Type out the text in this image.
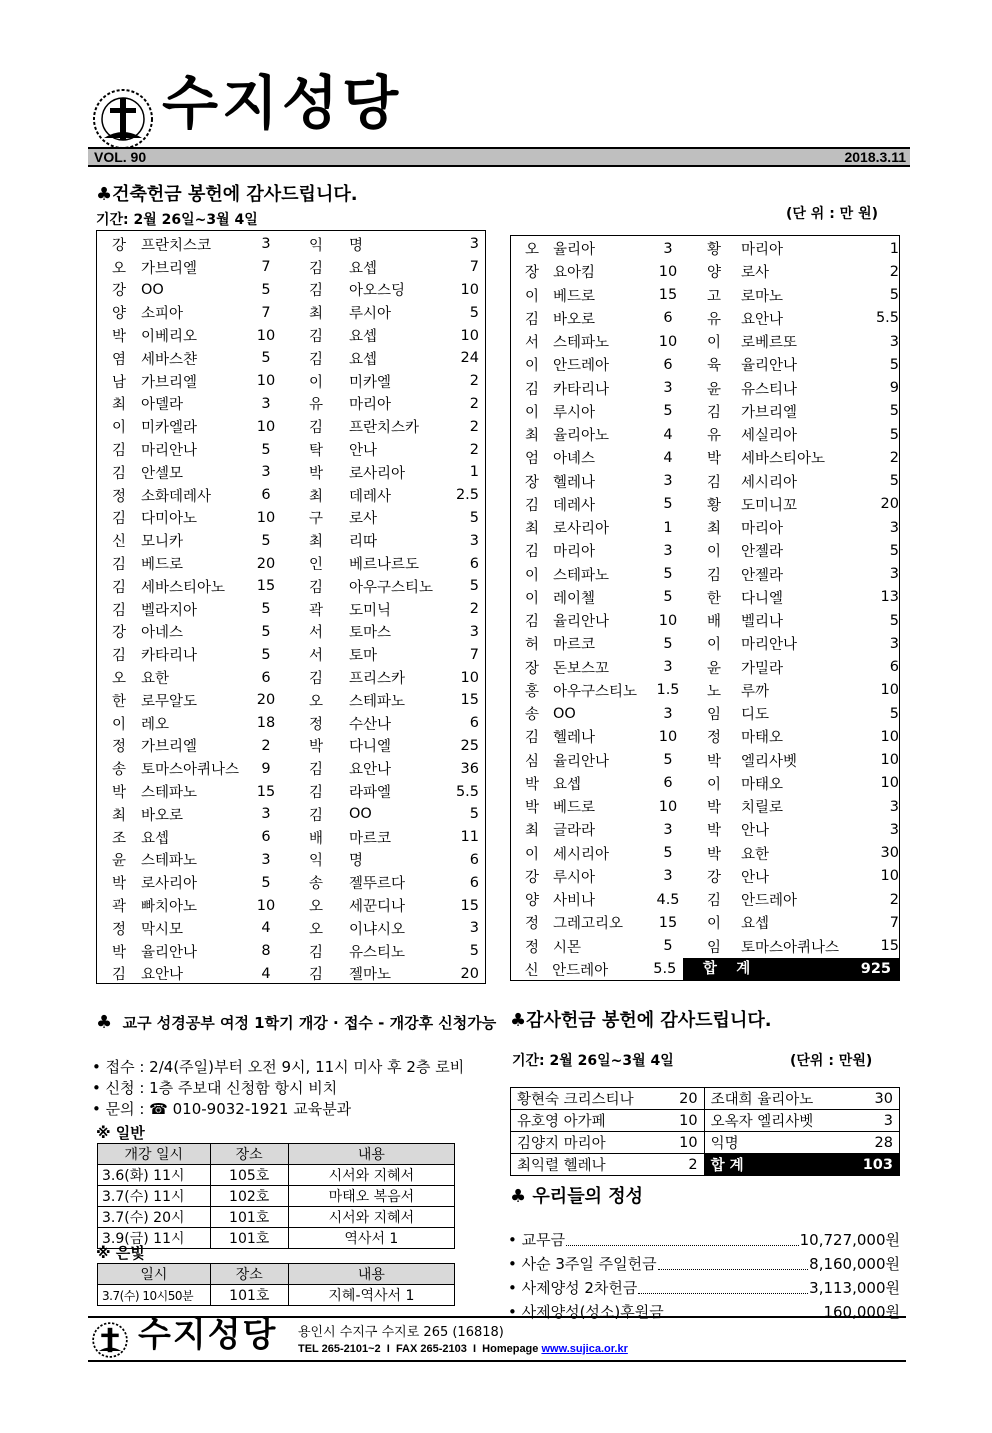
수지성당
VOL. 90	2018.3.11
♣건축헌금 봉헌에 감사드립니다.
기간: 2월 26일~3월 4일	(단 위 : 만 원)
강	프란치스코	3	익	명	3
오	가브리엘	7	김	요셉	7
강	OO	5	김	아오스딩	10
양	소피아	7	최	루시아	5
박	이베리오	10	김	요셉	10
염	세바스챤	5	김	요셉	24
남	가브리엘	10	이	미카엘	2
최	아델라	3	유	마리아	2
이	미카엘라	10	김	프란치스카	2
김	마리안나	5	탁	안나	2
김	안셀모	3	박	로사리아	1
정	소화데레사	6	최	데레사	2.5
김	다미아노	10	구	로사	5
신	모니카	5	최	리따	3
김	베드로	20	인	베르나르도	6
김	세바스티아노	15	김	아우구스티노	5
김	벨라지아	5	곽	도미닉	2
강	아네스	5	서	토마스	3
김	카타리나	5	서	토마	7
오	요한	6	김	프리스카	10
한	로무알도	20	오	스테파노	15
이	레오	18	정	수산나	6
정	가브리엘	2	박	다니엘	25
송	토마스아퀴나스	9	김	요안나	36
박	스테파노	15	김	라파엘	5.5
최	바오로	3	김	OO	5
조	요셉	6	배	마르코	11
윤	스테파노	3	익	명	6
박	로사리아	5	송	젤뚜르다	6
곽	빠치아노	10	오	세꾼디나	15
정	막시모	4	오	이냐시오	3
박	율리안나	8	김	유스티노	5
김	요안나	4	김	젤마노	20
오 율리아	3	황	마리아	1
장 요아킴	10	양	로사	2
이 베드로	15	고	로마노	5
김 바오로	6	유	요안나	5.5
서 스테파노	10	이	로베르또	3
이 안드레아	6	육	율리안나	5
김 카타리나	3	윤	유스티나	9
이 루시아	5	김	가브리엘	5
최 율리아노	4	유	세실리아	5
엄 아녜스	4	박	세바스티아노	2
장 헬레나	3	김	세시리아	5
김 데레사	5	황	도미니꼬	20
최 로사리아	1	최	마리아	3
김 마리아	3	이	안젤라	5
이 스테파노	5	김	안젤라	3
이 레이첼	5	한	다니엘	13
김 율리안나	10	배	벨리나	5
허 마르코	5	이	마리안나	3
장 돈보스꼬	3	윤	가밀라	6
홍 아우구스티노	1.5	노	루까	10
송 OO	3	임	디도	5
김 헬레나	10	정	마태오	10
심 율리안나	5	박	엘리사벳	10
박 요셉	6	이	마태오	10
박 베드로	10	박	치릴로	3
최 글라라	3	박	안나	3
이 세시리아	5	박	요한	30
강 루시아	3	강	안나	10
양 사비나	4.5	김	안드레아	2
정 그레고리오	15	이	요셉	7
정 시몬	5	임	토마스아퀴나스	15
신 안드레아	5.5	합	계	925
♣ 교구 성경공부 여정 1학기 개강 · 접수 - 개강후 신청가능
• 접수 : 2/4(주일)부터 오전 9시, 11시 미사 후 2층 로비
• 신청 : 1층 주보대 신청함 항시 비치
• 문의 : ☎ 010-9032-1921 교육분과
※ 일반
개강 일시	장소	내용
3.6(화) 11시	105호	시서와 지혜서
3.7(수) 11시	102호	마태오 복음서
3.7(수) 20시	101호	시서와 지혜서
3.9(금) 11시	101호	역사서 1
※ 은빛
일시	장소	내용
3.7(수) 10시50분	101호	지혜-역사서 1
♣감사헌금 봉헌에 감사드립니다.
기간: 2월 26일~3월 4일	(단위 : 만원)
황현숙 크리스티나	20	조대희 율리아노	30
유호영 아가페	10	오옥자 엘리사벳	3
김양지 마리아	10	익명	28
최익렬 헬레나	2	합 계	103
♣ 우리들의 정성
• 교무금	10,727,000원
• 사순 3주일 주일헌금	8,160,000원
• 사제양성 2차헌금	3,113,000원
• 사제양성(성소)후원금	160,000원
수지성당 용인시 수지구 수지로 265 (16818)
TEL 265-2101~2  I  FAX 265-2103  I  Homepage www.sujica.or.kr
